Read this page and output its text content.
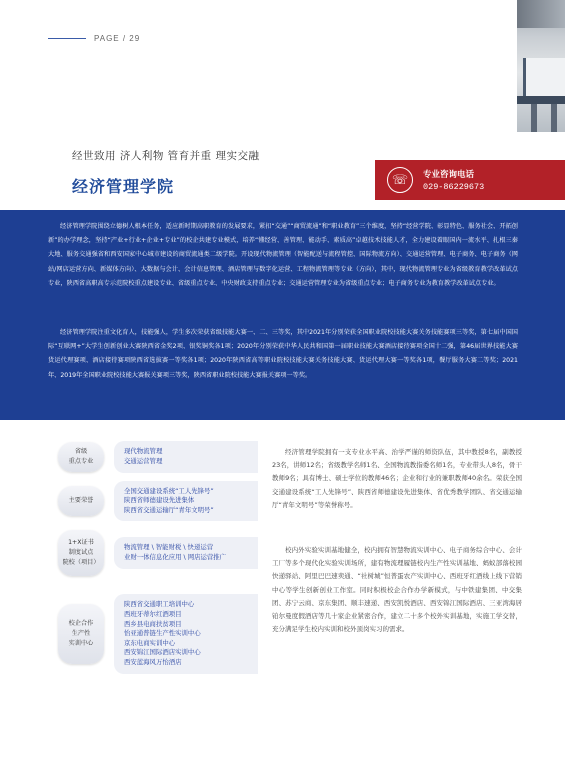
PAGE / 29
经世致用 济人利物 管育并重 理实交融
经济管理学院	☏	专业咨询电话
029-86229673

经济管理学院围绕立德树人根本任务，适应新时期高职教育的发展要求，紧扣“交通”“商贸流通”和“职业教育”三个维度，坚持“经营学院、彰显特色、服务社会、开拓创新”的办学理念，坚持“产业+行业+企业+专业”的校企共建专业模式，培养“懂经营、善管理、能动手、素质高”卓越技术技能人才，全力建设着眼国内一流水平、扎根三秦大地、服务交通强省和西安国家中心城市建设的商贸流通类二级学院。开设现代物流管理（智能配送与流程管控、国际物流方向）、交通运营管理、电子商务、电子商务（网站/网店运营方向、新媒体方向）、大数据与会计、会计信息管理、酒店管理与数字化运营、工程物流管理等专业（方向），其中，现代物流管理专业为省级教育教学改革试点专业，陕西省高职高专示范院校重点建设专业、省级重点专业、中央财政支持重点专业；交通运营管理专业为省级重点专业；电子商务专业为教育教学改革试点专业。

经济管理学院注重文化育人，技能强人，学生多次荣获省级技能大赛一、二、三等奖，其中2021年分别荣获全国职业院校技能大赛关务技能赛项三等奖，第七届中国国际“互联网+”大学生创新创业大赛陕西省金奖2项、银奖铜奖各1项；2020年分别荣获中华人民共和国第一届职业技能大赛酒店接待赛项全国十二强，第46届世界技能大赛货运代理赛项、酒店接待赛项陕西省选拔赛一等奖各1项；2020年陕西省高等职业院校技能大赛关务技能大赛、货运代理大赛一等奖各1项，餐厅服务大赛二等奖；2021年、2019年全国职业院校技能大赛报关赛项三等奖，陕西省职业院校技能大赛报关赛项一等奖。

省级
重点专业
现代物流管理
交通运营管理
主要荣誉
全国交通建设系统“工人先锋号”
陕西省师德建设先进集体
陕西省交通运输厅“青年文明号”
1+X证书
制度试点
院校（项目）
物流管理 \ 智能财税 \ 快递运营
业财一体信息化应用 \ 网店运营推广
校企合作
生产性
实训中心
陕西省交通职工培训中心
西班牙蒂尔红酒项目
西乡县电商扶贫项目
怡亚通普链生产性实训中心
京东电商实训中心
西安锦江国际酒店实训中心
西安蓝海风万怡酒店

经济管理学院拥有一支专业水平高、治学严谨的师资队伍，其中教授8名，副教授23名，讲师12名；省级教学名师1名、全国物流教指委名师1名，专业带头人8名，骨干教师9名；具有博士、硕士学位的教师46名；企业和行业的兼职教师40余名。荣获全国交通建设系统“工人先锋号”、陕西省师德建设先进集体、省优秀教学团队、省交通运输厅“青年文明号”等荣誉称号。

校内外实验实训基地健全，校内拥有智慧物流实训中心、电子商务综合中心、会计工厂等多个现代化实验实训场所，建有物流理履链校内生产性实训基地、蚂蚁部落校园快递驿站、阿里巴巴速卖通、“社树城”恒普蛋农产实训中心、西班牙红酒线上线下营销中心等学生创新创业工作室。同时积极校企合作办学新模式，与中铁建集团、中交集团、苏宁云商、京东集团、顺丰速递、西安凯悦酒店、西安锦江国际酒店、三亚湾海居铂尔曼度假酒店等几十家企业紧密合作，建立二十多个校外实训基地，实施工学交替，充分满足学生校内实训和校外顶岗实习的需求。
